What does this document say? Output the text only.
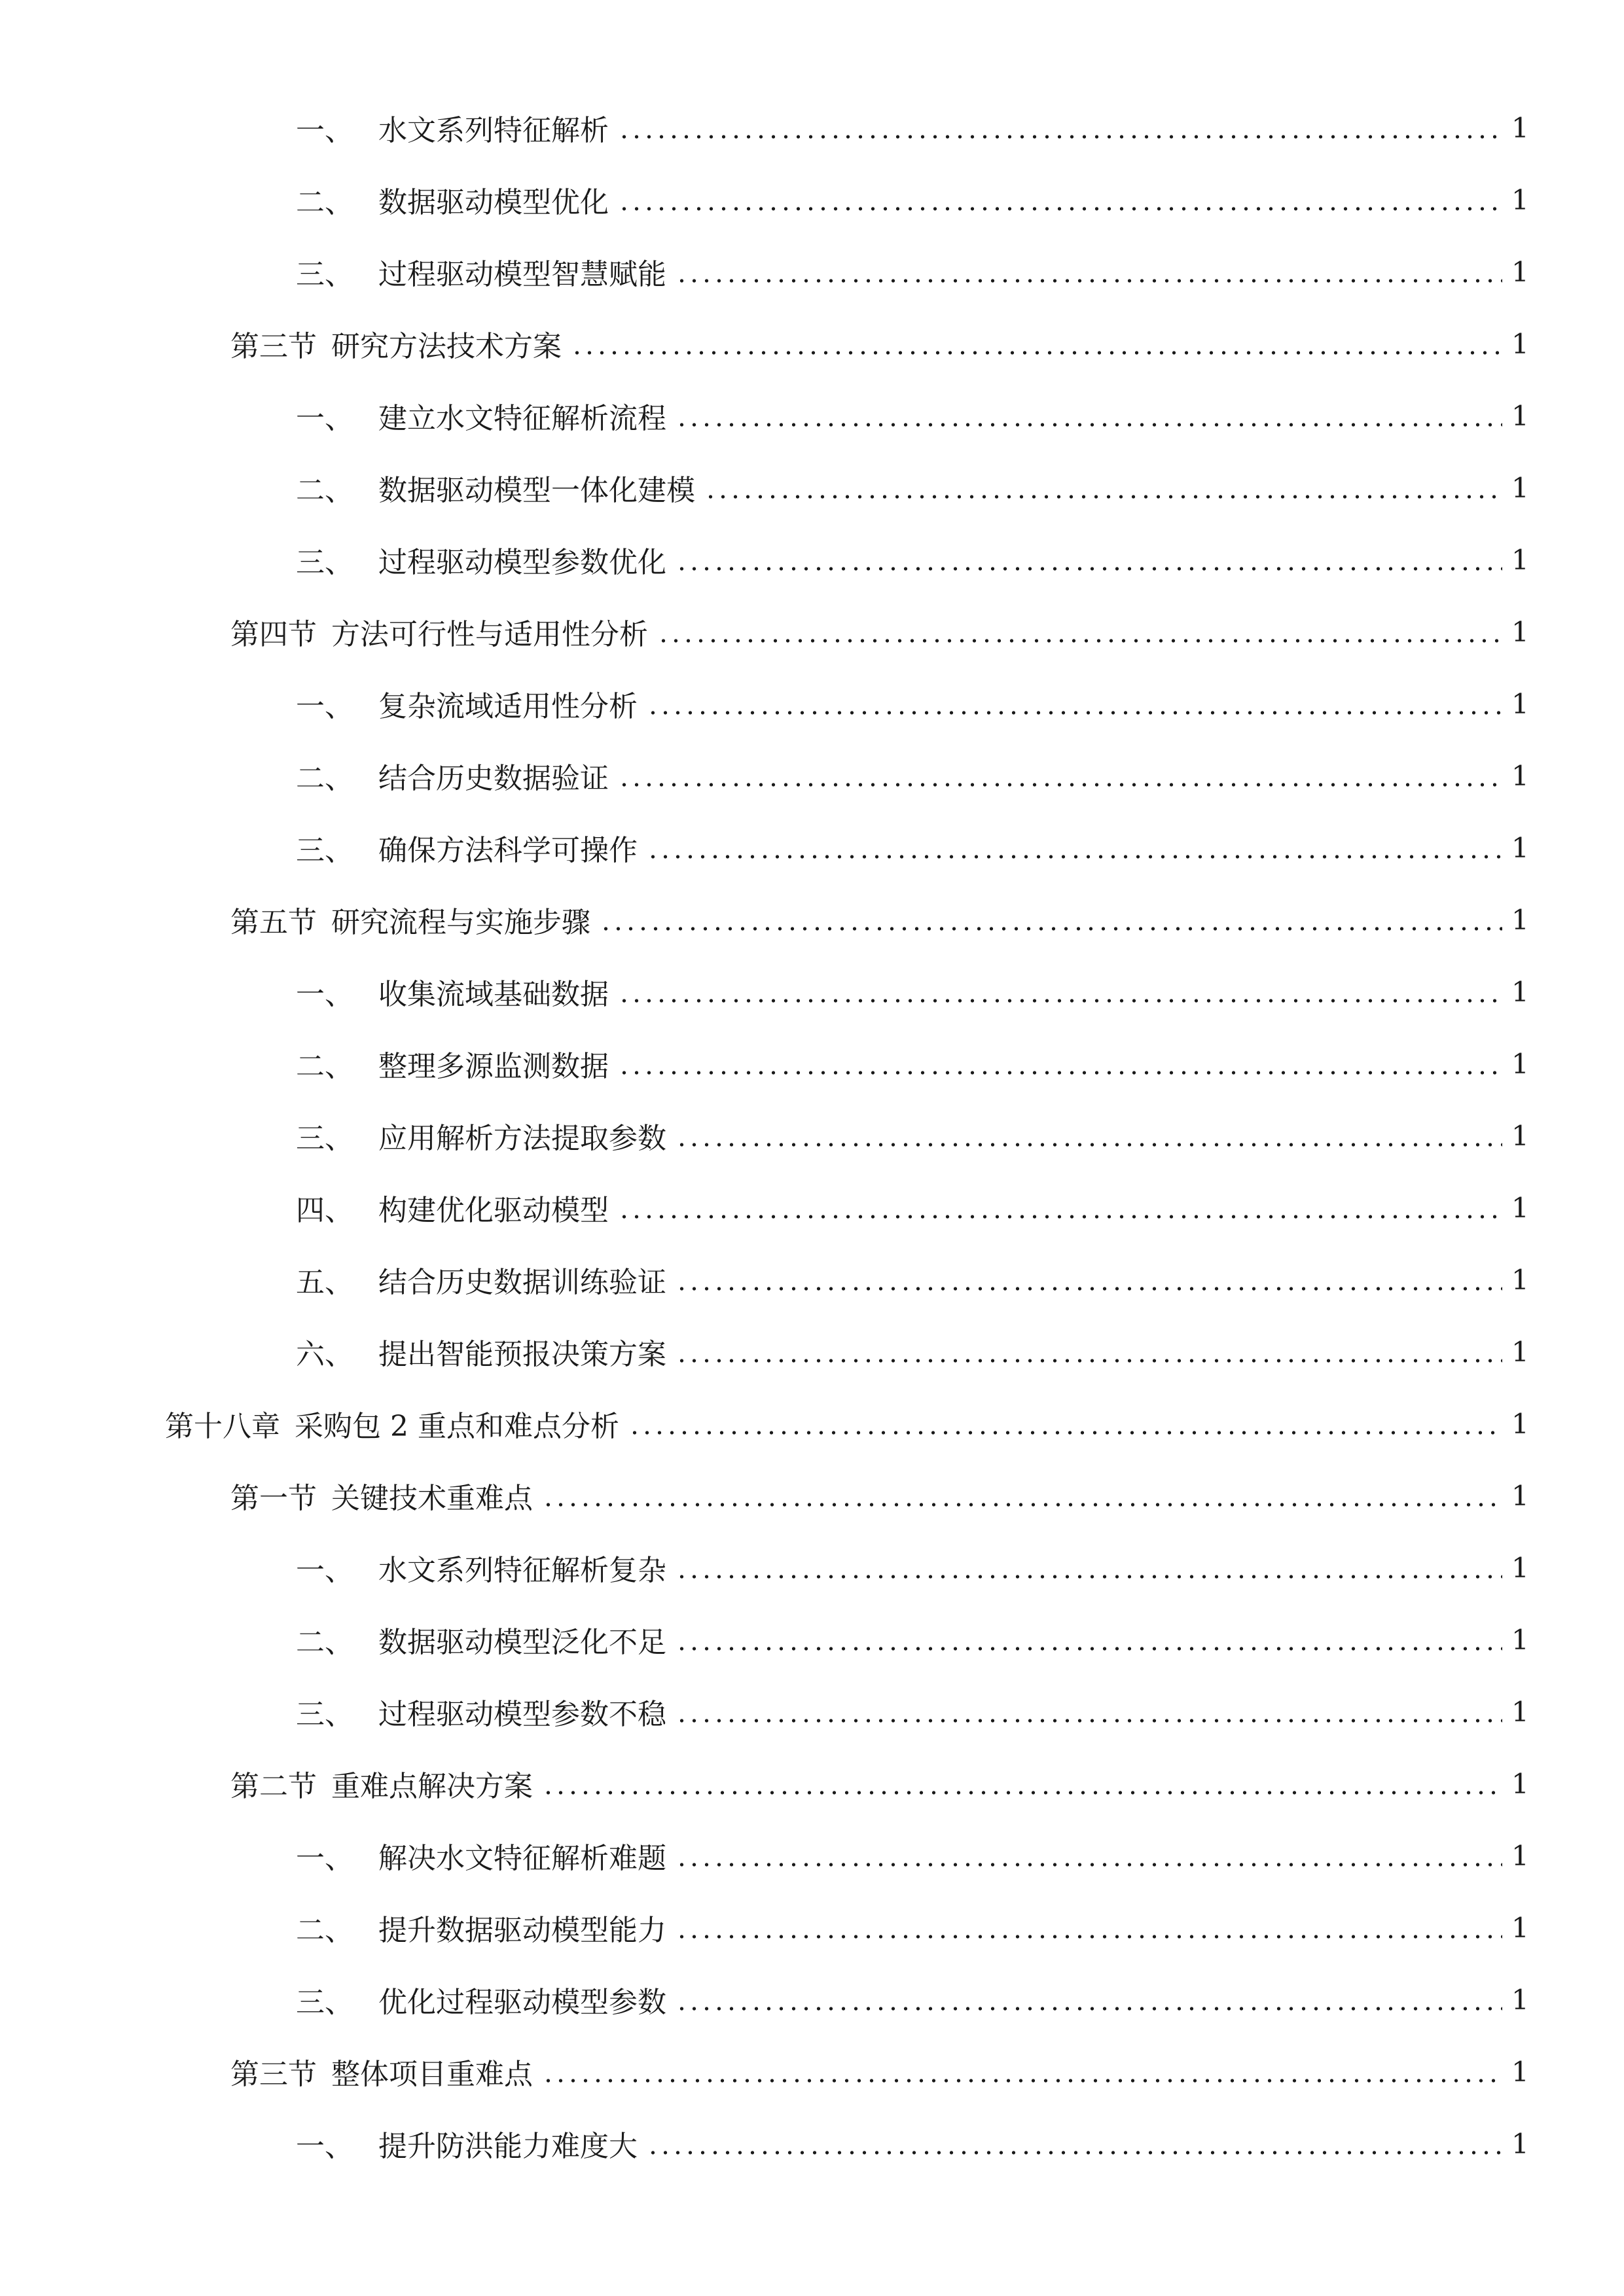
一、 水文系列特征解析	1
二、 数据驱动模型优化	1
三、 过程驱动模型智慧赋能	1
第三节 研究方法技术方案	1
一、 建立水文特征解析流程	1
二、 数据驱动模型一体化建模	1
三、 过程驱动模型参数优化	1
第四节 方法可行性与适用性分析	1
一、 复杂流域适用性分析	1
二、 结合历史数据验证	1
三、 确保方法科学可操作	1
第五节 研究流程与实施步骤	1
一、 收集流域基础数据	1
二、 整理多源监测数据	1
三、 应用解析方法提取参数	1
四、 构建优化驱动模型	1
五、 结合历史数据训练验证	1
六、 提出智能预报决策方案	1
第十八章 采购包 2 重点和难点分析	1
第一节 关键技术重难点	1
一、 水文系列特征解析复杂	1
二、 数据驱动模型泛化不足	1
三、 过程驱动模型参数不稳	1
第二节 重难点解决方案	1
一、 解决水文特征解析难题	1
二、 提升数据驱动模型能力	1
三、 优化过程驱动模型参数	1
第三节 整体项目重难点	1
一、 提升防洪能力难度大	1
